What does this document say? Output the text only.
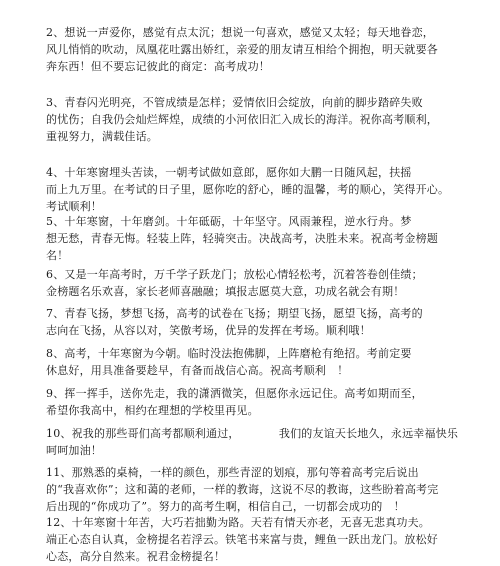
2、想说一声爱你，感觉有点太沉；想说一句喜欢，感觉又太轻；每天地眷恋，
风儿悄悄的吹动，凤凰花吐露出娇红，亲爱的朋友请互相给个拥抱，明天就要各
奔东西！但不要忘记彼此的商定：高考成功！
3、青春闪光明亮，不管成绩是怎样；爱情依旧会绽放，向前的脚步踏碎失败
的忧伤；自我仍会灿烂辉煌，成绩的小河依旧汇入成长的海洋。祝你高考顺利，
重视努力，满载佳话。
4、十年寒窗埋头苦读，一朝考试做如意郎，愿你如大鹏一日随风起，扶摇
而上九万里。在考试的日子里，愿你吃的舒心，睡的温馨，考的顺心，笑得开心。
考试顺利！
5、十年寒窗，十年磨剑。十年砥砺，十年坚守。风雨兼程，逆水行舟。梦
想无愁，青春无悔。轻装上阵，轻骑突击。决战高考，决胜未来。祝高考金榜题
名！
6、又是一年高考时，万千学子跃龙门；放松心情轻松考，沉着答卷创佳绩；
金榜题名乐欢喜，家长老师喜融融；填报志愿莫大意，功成名就会有期！
7、青春飞扬，梦想飞扬，高考的试卷在飞扬；期望飞扬，愿望飞扬，高考的
志向在飞扬，从容以对，笑傲考场，优异的发挥在考场。顺利哦！
8、高考，十年寒窗为今朝。临时没法抱佛脚，上阵磨枪有绝招。考前定要
休息好，用具准备要趁早，有备而战信心高。祝高考顺利　！
9、挥一挥手，送你先走，我的潇洒微笑，但愿你永远记住。高考如期而至，
希望你我高中，相约在理想的学校里再见。
10、祝我的那些哥们高考都顺利通过，　　　　我们的友谊天长地久，永远幸福快乐
呵呵加油！
11、那熟悉的桌椅，一样的颜色，那些青涩的划痕，那句等着高考完后说出
的“我喜欢你”；这和蔼的老师，一样的教诲，这说不尽的教诲，这些盼着高考完
后出现的“你成功了”。努力的高考生啊，相信自己，一切都会成功的　！
12、十年寒窗十年苦，大巧若拙勤为路。天若有情天亦老，无喜无悲真功夫。
端正心态自认真，金榜提名若浮云。铁笔书来富与贵，鲤鱼一跃出龙门。放松好
心态，高分自然来。祝君金榜提名！
